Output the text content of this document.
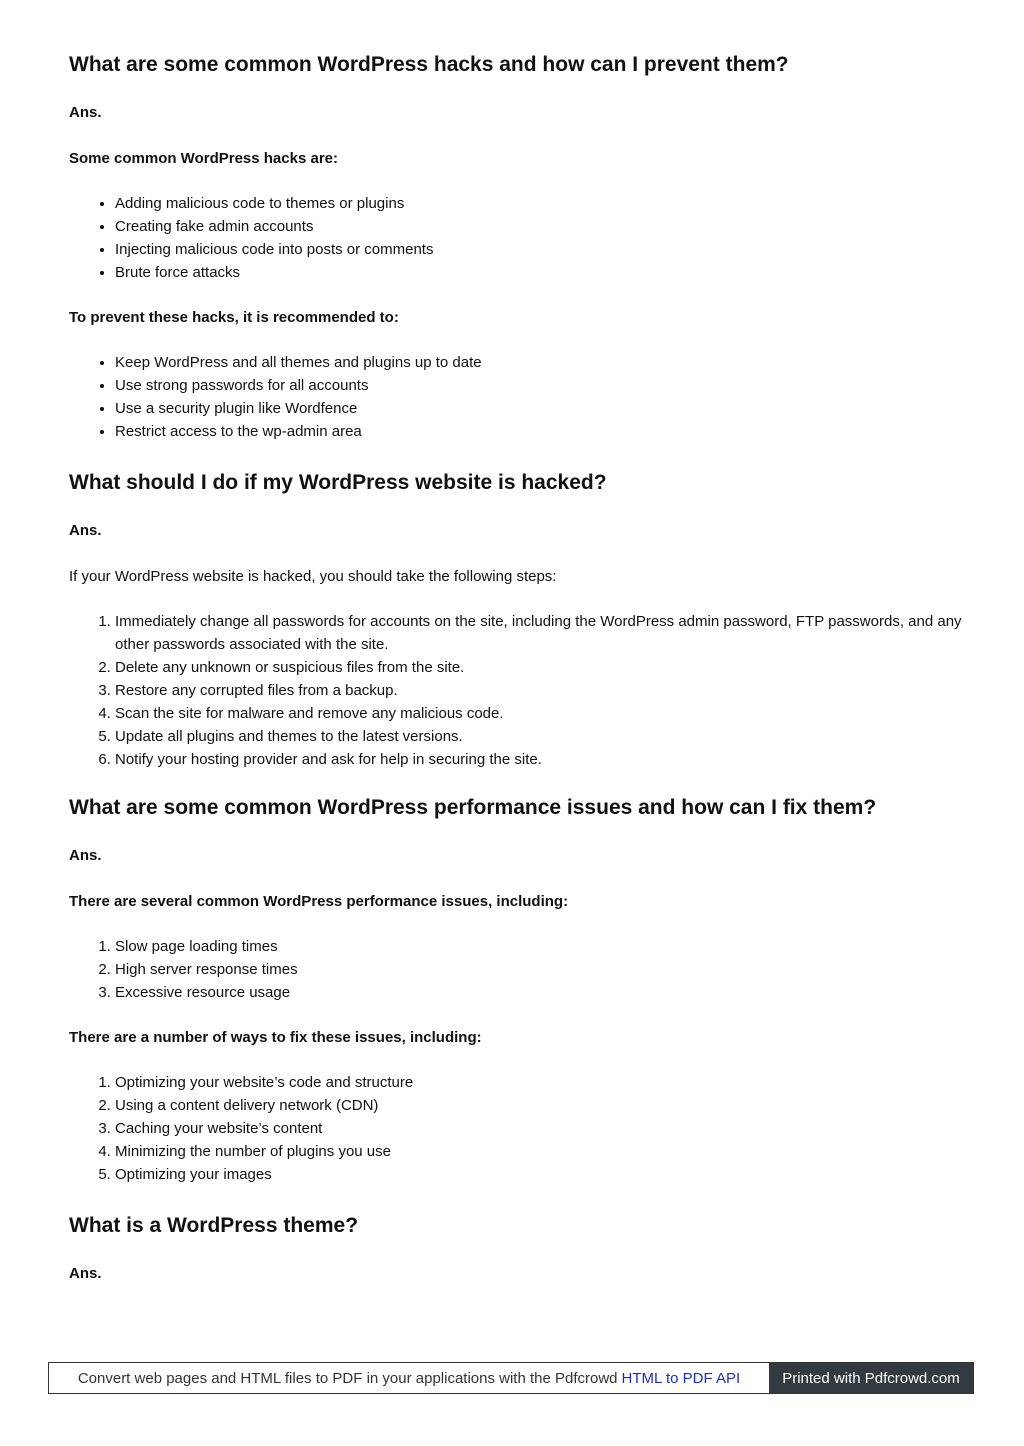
What are some common WordPress hacks and how can I prevent them?

Ans.

Some common WordPress hacks are:

• Adding malicious code to themes or plugins
• Creating fake admin accounts
• Injecting malicious code into posts or comments
• Brute force attacks

To prevent these hacks, it is recommended to:

• Keep WordPress and all themes and plugins up to date
• Use strong passwords for all accounts
• Use a security plugin like Wordfence
• Restrict access to the wp-admin area
What should I do if my WordPress website is hacked?

Ans.

If your WordPress website is hacked, you should take the following steps:

1. Immediately change all passwords for accounts on the site, including the WordPress admin password, FTP passwords, and any other passwords associated with the site.
2. Delete any unknown or suspicious files from the site.
3. Restore any corrupted files from a backup.
4. Scan the site for malware and remove any malicious code.
5. Update all plugins and themes to the latest versions.
6. Notify your hosting provider and ask for help in securing the site.
What are some common WordPress performance issues and how can I fix them?

Ans.

There are several common WordPress performance issues, including:

1. Slow page loading times
2. High server response times
3. Excessive resource usage

There are a number of ways to fix these issues, including:

1. Optimizing your website’s code and structure
2. Using a content delivery network (CDN)
3. Caching your website’s content
4. Minimizing the number of plugins you use
5. Optimizing your images
What is a WordPress theme?

Ans.

Convert web pages and HTML files to PDF in your applications with the Pdfcrowd HTML to PDF API	Printed with Pdfcrowd.com
